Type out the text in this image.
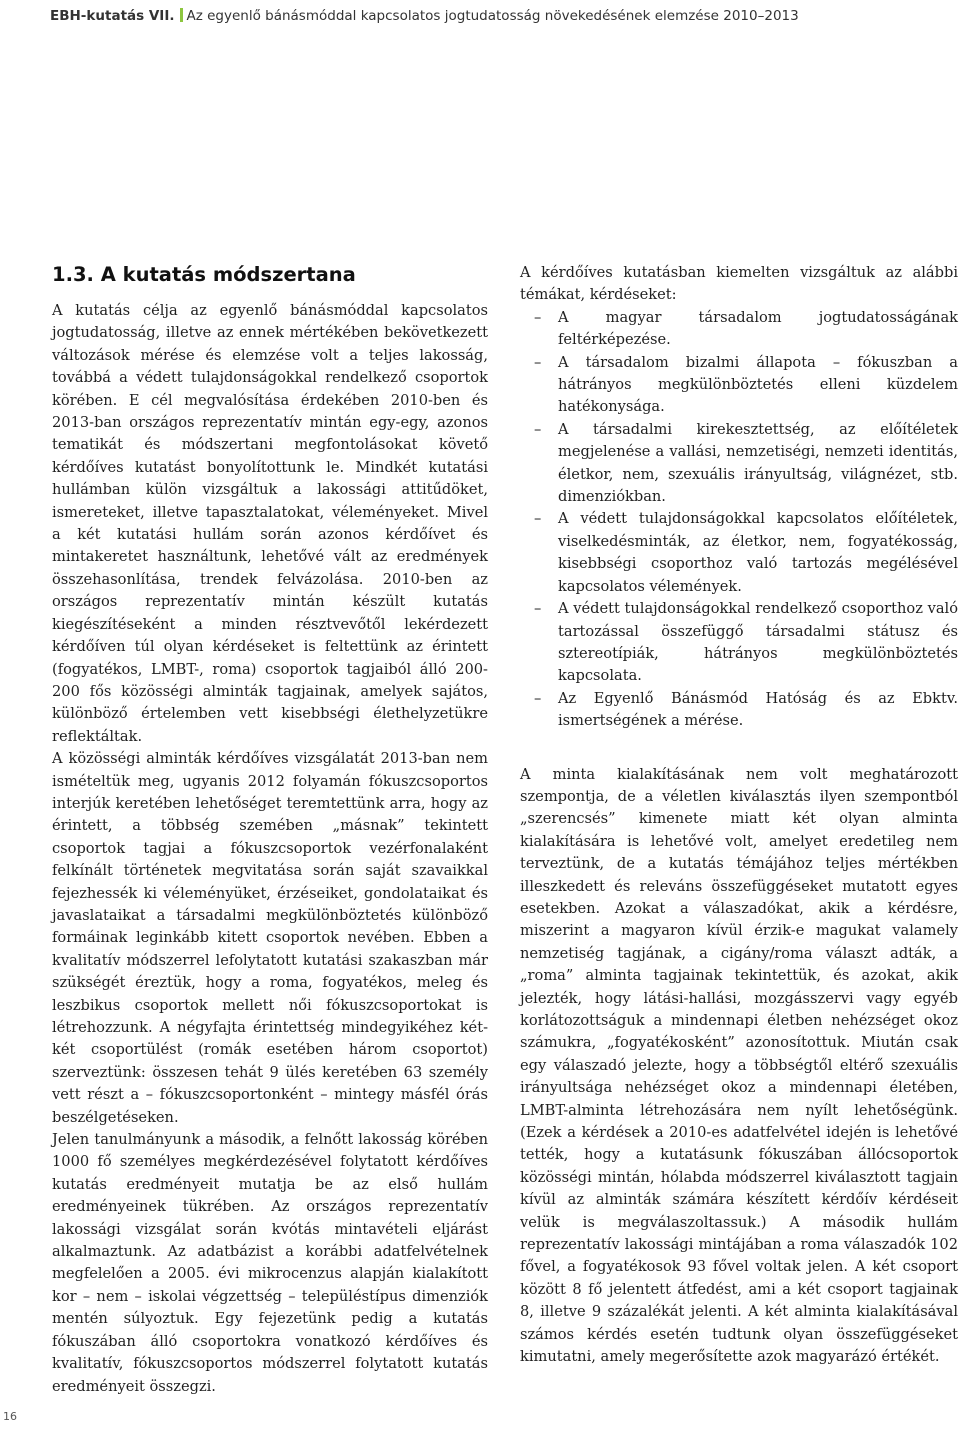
EBH-kutatás VII. Az egyenlő bánásmóddal kapcsolatos jogtudatosság növekedésének elemzése 2010–2013
1.3. A kutatás módszertana

A kutatás célja az egyenlő bánásmóddal kapcsolatos jogtudatosság, illetve az ennek mértékében bekövetkezett változások mérése és elemzése volt a teljes lakosság, továbbá a védett tulajdonságokkal rendelkező csoportok körében. E cél megvalósítása érdekében 2010-ben és 2013-ban országos reprezentatív mintán egy-egy, azonos tematikát és módszertani megfontolásokat követő kérdőíves kutatást bonyolítottunk le. Mindkét kutatási hullámban külön vizsgáltuk a lakossági attitűdöket, ismereteket, illetve tapasztalatokat, véleményeket. Mivel a két kutatási hullám során azonos kérdőívet és mintakeretet használtunk, lehetővé vált az eredmények összehasonlítása, trendek felvázolása. 2010-ben az országos reprezentatív mintán készült kutatás kiegészítéseként a minden résztvevőtől lekérdezett kérdőíven túl olyan kérdéseket is feltettünk az érintett (fogyatékos, LMBT-, roma) csoportok tagjaiból álló 200-200 fős közösségi alminták tagjainak, amelyek sajátos, különböző értelemben vett kisebbségi élethelyzetükre reflektáltak.

A közösségi alminták kérdőíves vizsgálatát 2013-ban nem ismételtük meg, ugyanis 2012 folyamán fókuszcsoportos interjúk keretében lehetőséget teremtettünk arra, hogy az érintett, a többség szemében „másnak” tekintett csoportok tagjai a fókuszcsoportok vezérfonalaként felkínált történetek megvitatása során saját szavaikkal fejezhessék ki véleményüket, érzéseiket, gondolataikat és javaslataikat a társadalmi megkülönböztetés különböző formáinak leginkább kitett csoportok nevében. Ebben a kvalitatív módszerrel lefolytatott kutatási szakaszban már szükségét éreztük, hogy a roma, fogyatékos, meleg és leszbikus csoportok mellett női fókuszcsoportokat is létrehozzunk. A négyfajta érintettség mindegyikéhez két-két csoportülést (romák esetében három csoportot) szerveztünk: összesen tehát 9 ülés keretében 63 személy vett részt a – fókuszcsoportonként – mintegy másfél órás beszélgetéseken.

Jelen tanulmányunk a második, a felnőtt lakosság körében 1000 fő személyes megkérdezésével folytatott kérdőíves kutatás eredményeit mutatja be az első hullám eredményeinek tükrében. Az országos reprezentatív lakossági vizsgálat során kvótás mintavételi eljárást alkalmaztunk. Az adatbázist a korábbi adatfelvételnek megfelelően a 2005. évi mikrocenzus alapján kialakított kor – nem – iskolai végzettség – településtípus dimenziók mentén súlyoztuk. Egy fejezetünk pedig a kutatás fókuszában álló csoportokra vonatkozó kérdőíves és kvalitatív, fókuszcsoportos módszerrel folytatott kutatás eredményeit összegzi.

A kérdőíves kutatásban kiemelten vizsgáltuk az alábbi témákat, kérdéseket:

– A magyar társadalom jogtudatosságának feltérképezése.
– A társadalom bizalmi állapota – fókuszban a hátrányos megkülönböztetés elleni küzdelem hatékonysága.
– A társadalmi kirekesztettség, az előítéletek megjelenése a vallási, nemzetiségi, nemzeti identitás, életkor, nem, szexuális irányultság, világnézet, stb. dimenziókban.
– A védett tulajdonságokkal kapcsolatos előítéletek, viselkedésminták, az életkor, nem, fogyatékosság, kisebbségi csoporthoz való tartozás megélésével kapcsolatos vélemények.
– A védett tulajdonságokkal rendelkező csoporthoz való tartozással összefüggő társadalmi státusz és sztereotípiák, hátrányos megkülönböztetés kapcsolata.
– Az Egyenlő Bánásmód Hatóság és az Ebktv. ismertségének a mérése.

A minta kialakításának nem volt meghatározott szempontja, de a véletlen kiválasztás ilyen szempontból „szerencsés” kimenete miatt két olyan alminta kialakítására is lehetővé volt, amelyet eredetileg nem terveztünk, de a kutatás témájához teljes mértékben illeszkedett és releváns összefüggéseket mutatott egyes esetekben. Azokat a válaszadókat, akik a kérdésre, miszerint a magyaron kívül érzik-e magukat valamely nemzetiség tagjának, a cigány/roma választ adták, a „roma” alminta tagjainak tekintettük, és azokat, akik jelezték, hogy látási-hallási, mozgásszervi vagy egyéb korlátozottságuk a mindennapi életben nehézséget okoz számukra, „fogyatékosként” azonosítottuk. Miután csak egy válaszadó jelezte, hogy a többségtől eltérő szexuális irányultsága nehézséget okoz a mindennapi életében, LMBT-alminta létrehozására nem nyílt lehetőségünk. (Ezek a kérdések a 2010-es adatfelvétel idején is lehetővé tették, hogy a kutatásunk fókuszában állócsoportok közösségi mintán, hólabda módszerrel kiválasztott tagjain kívül az alminták számára készített kérdőív kérdéseit velük is megválaszoltassuk.) A második hullám reprezentatív lakossági mintájában a roma válaszadók 102 fővel, a fogyatékosok 93 fővel voltak jelen. A két csoport között 8 fő jelentett átfedést, ami a két csoport tagjainak 8, illetve 9 százalékát jelenti. A két alminta kialakításával számos kérdés esetén tudtunk olyan összefüggéseket kimutatni, amely megerősítette azok magyarázó értékét.

16
